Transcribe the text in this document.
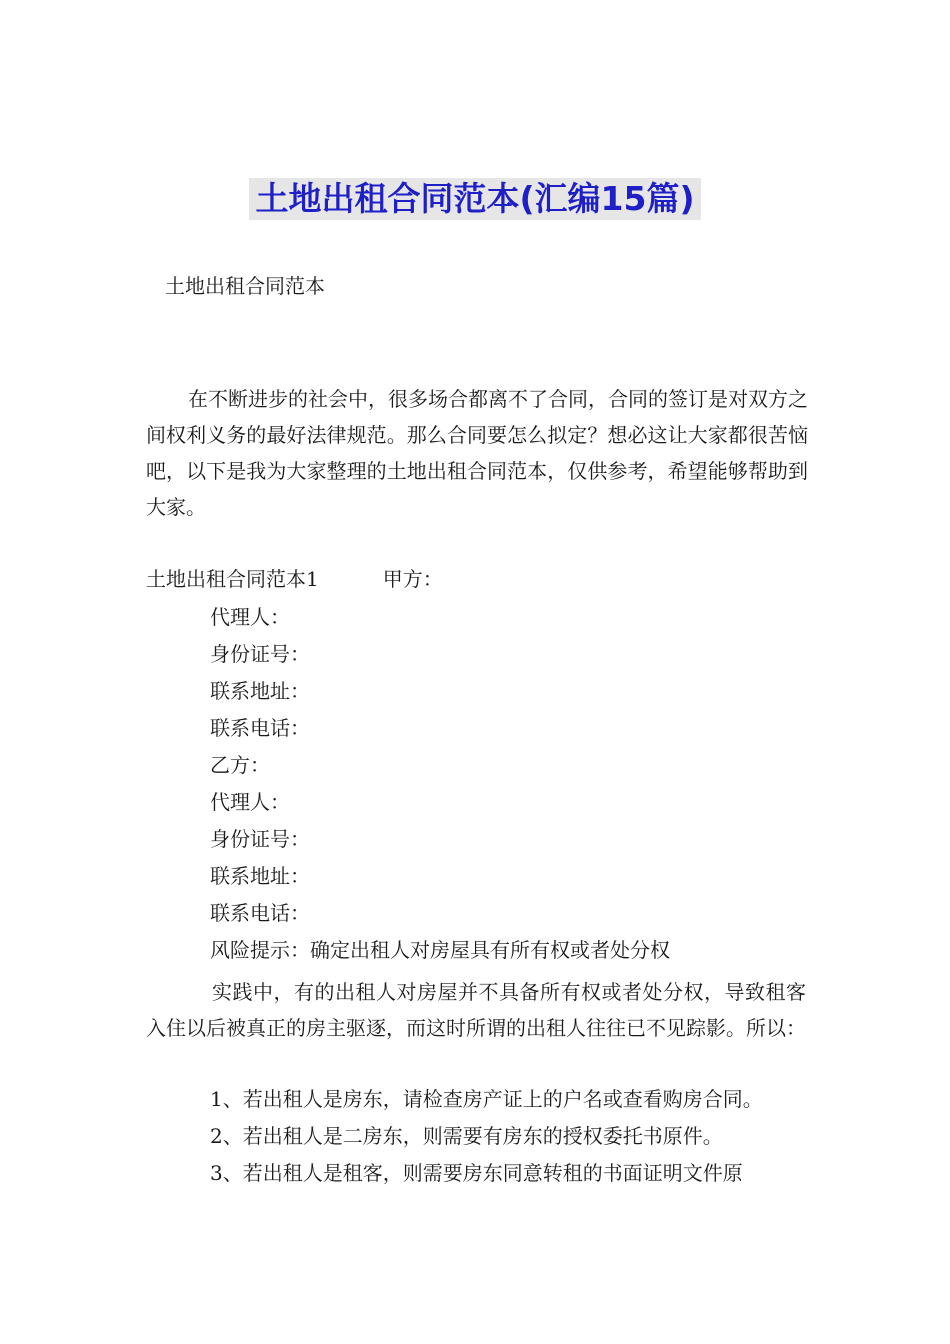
土地出租合同范本(汇编15篇)
土地出租合同范本

在不断进步的社会中，很多场合都离不了合同，合同的签订是对双方之间权利义务的最好法律规范。那么合同要怎么拟定？想必这让大家都很苦恼吧，以下是我为大家整理的土地出租合同范本，仅供参考，希望能够帮助到大家。

土地出租合同范本1	甲方：
代理人：
身份证号：
联系地址：
联系电话：
乙方：
代理人：
身份证号：
联系地址：
联系电话：
风险提示：确定出租人对房屋具有所有权或者处分权

实践中，有的出租人对房屋并不具备所有权或者处分权，导致租客入住以后被真正的房主驱逐，而这时所谓的出租人往往已不见踪影。所以：

1、若出租人是房东，请检查房产证上的户名或查看购房合同。
2、若出租人是二房东，则需要有房东的授权委托书原件。
3、若出租人是租客，则需要房东同意转租的书面证明文件原
